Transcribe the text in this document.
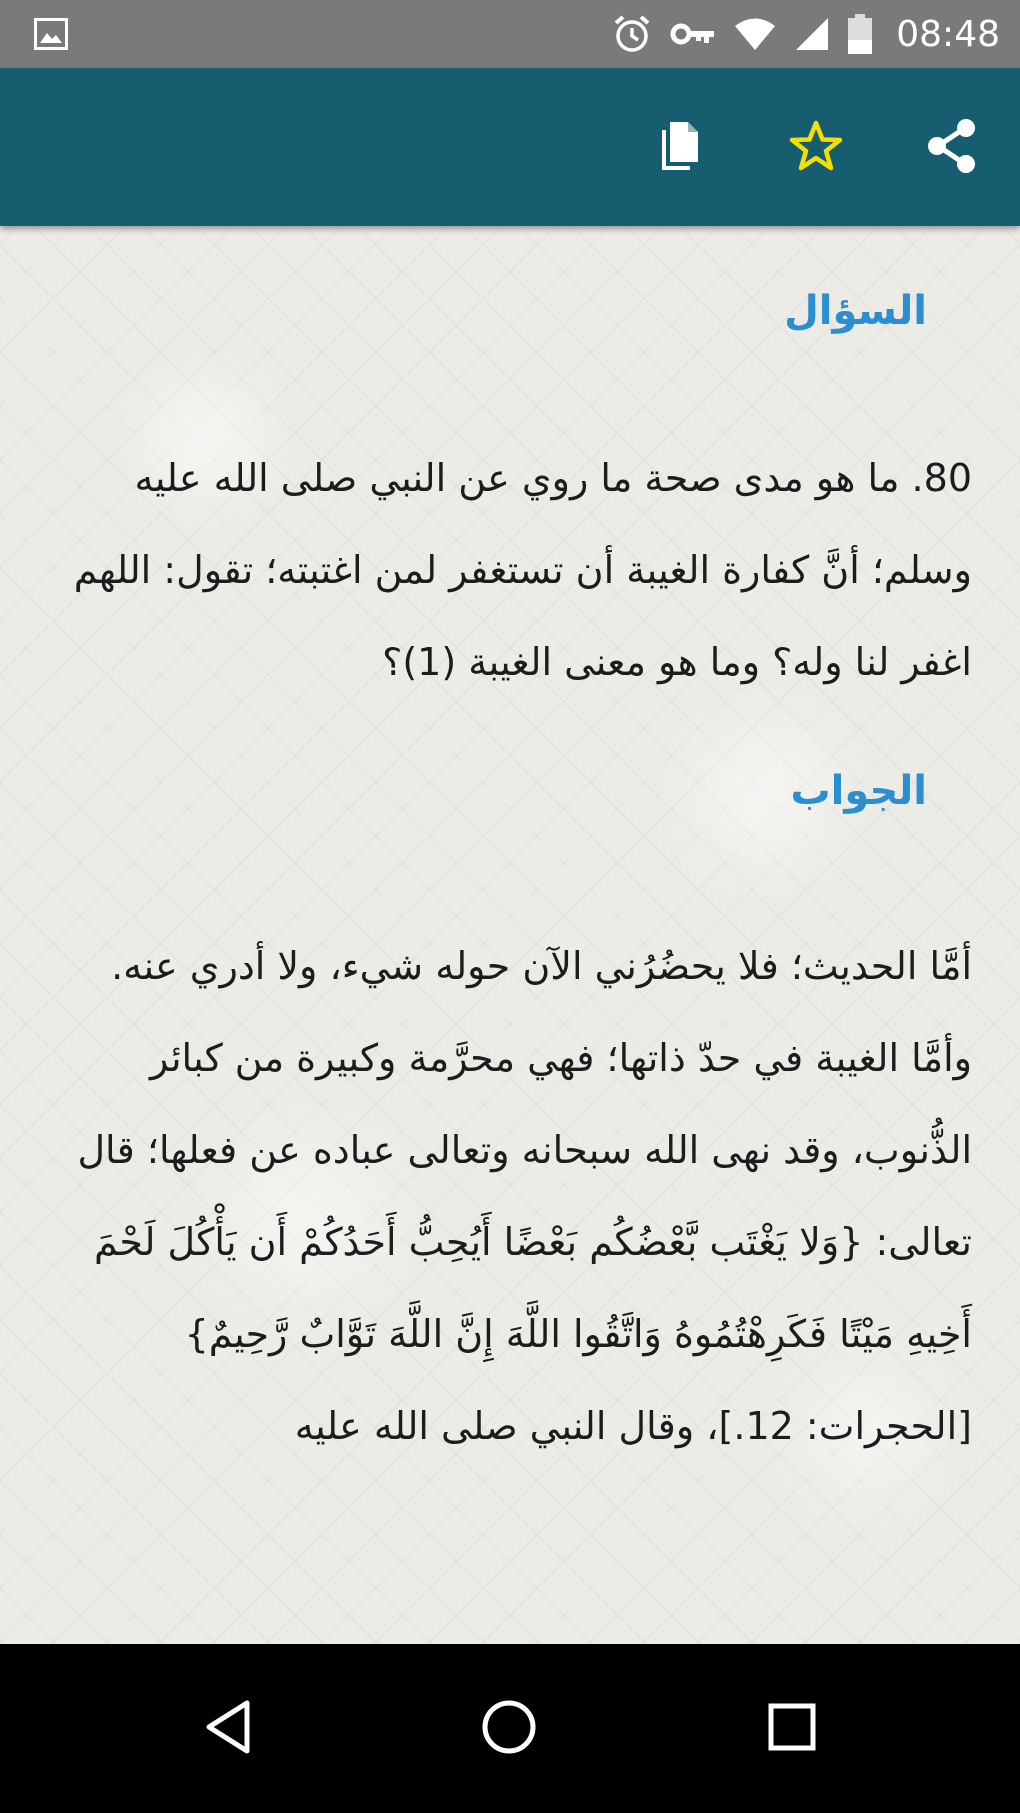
08:48
السؤال

80. ما هو مدى صحة ما روي عن النبي صلى الله عليه وسلم؛ أنَّ كفارة الغيبة أن تستغفر لمن اغتبته؛ تقول: اللهم اغفر لنا وله؟ وما هو معنى الغيبة (1)؟

الجواب

أمَّا الحديث؛ فلا يحضُرُني الآن حوله شيء، ولا أدري عنه.

وأمَّا الغيبة في حدّ ذاتها؛ فهي محرَّمة وكبيرة من كبائر الذُّنوب، وقد نهى الله سبحانه وتعالى عباده عن فعلها؛ قال تعالى: {وَلا يَغْتَب بَّعْضُكُم بَعْضًا أَيُحِبُّ أَحَدُكُمْ أَن يَأْكُلَ لَحْمَ أَخِيهِ مَيْتًا فَكَرِهْتُمُوهُ وَاتَّقُوا اللَّهَ إِنَّ اللَّهَ تَوَّابٌ رَّحِيمٌ} [الحجرات: 12.]، وقال النبي صلى الله عليه
